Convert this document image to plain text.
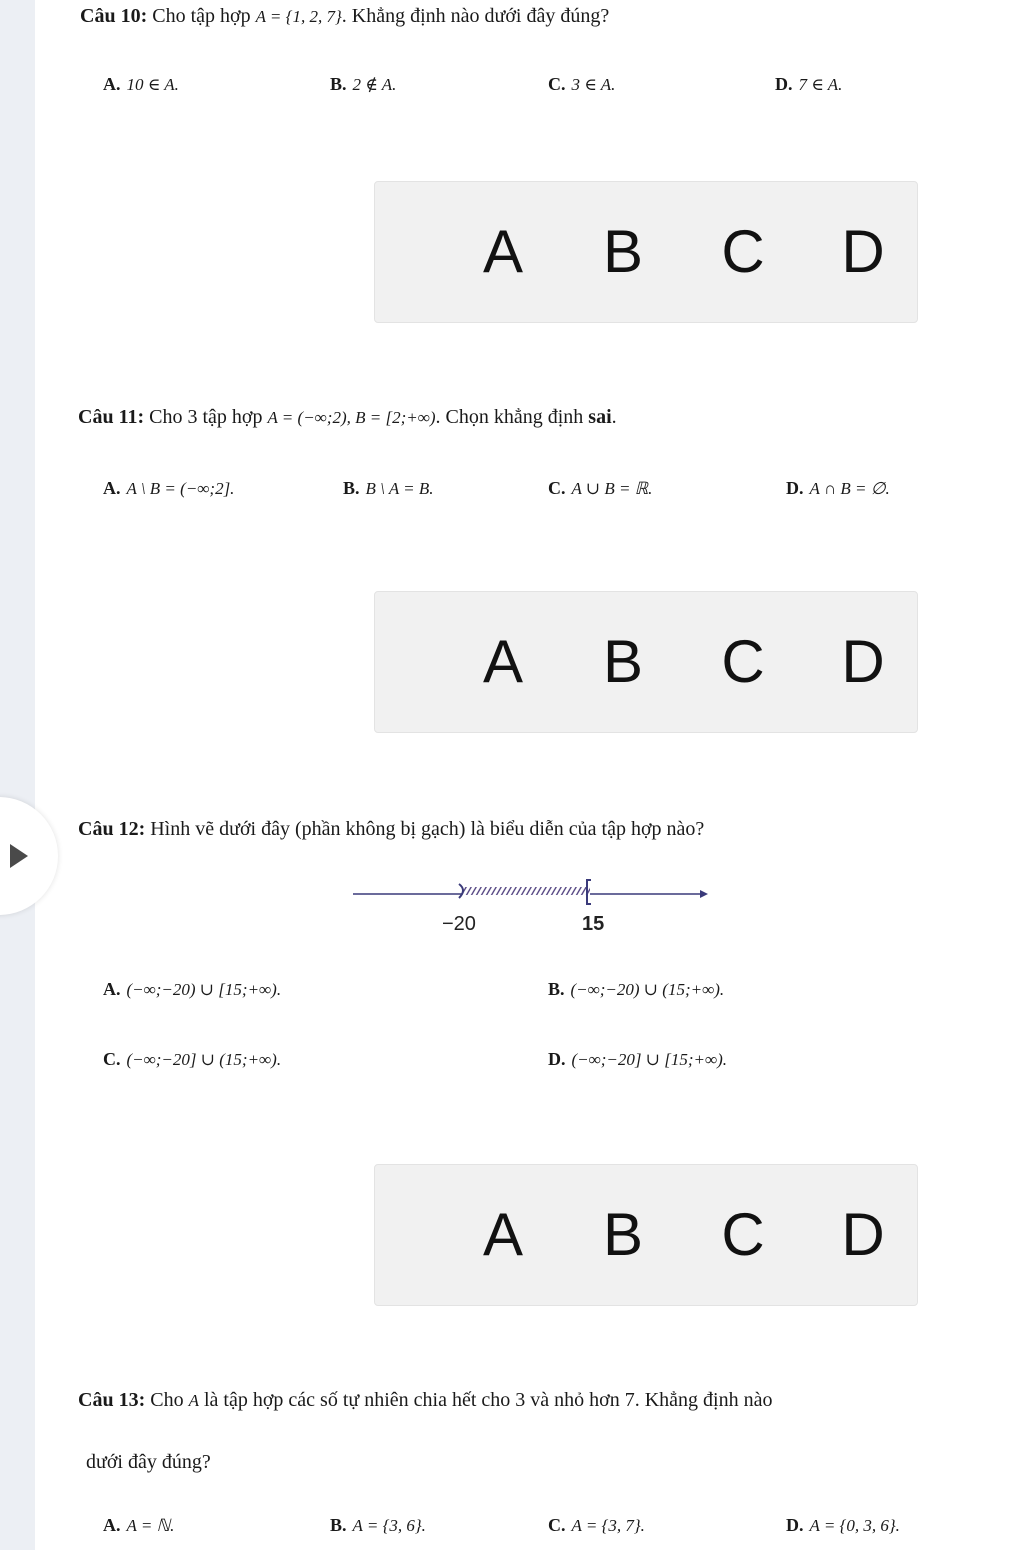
Câu 10: Cho tập hợp A = {1, 2, 7}. Khẳng định nào dưới đây đúng?
A. 10 ∈ A.	B. 2 ∉ A.	C. 3 ∈ A.	D. 7 ∈ A.
A B C D
Câu 11: Cho 3 tập hợp A = (−∞;2), B = [2;+∞). Chọn khẳng định sai.
A. A \ B = (−∞;2].	B. B \ A = B.	C. A ∪ B = ℝ.	D. A ∩ B = ∅.
A B C D
Câu 12: Hình vẽ dưới đây (phần không bị gạch) là biểu diễn của tập hợp nào?
−20	15
A. (−∞;−20) ∪ [15;+∞).	B. (−∞;−20) ∪ (15;+∞).
C. (−∞;−20] ∪ (15;+∞).	D. (−∞;−20] ∪ [15;+∞).
A B C D
Câu 13: Cho A là tập hợp các số tự nhiên chia hết cho 3 và nhỏ hơn 7. Khẳng định nào
dưới đây đúng?
A. A = ℕ.	B. A = {3, 6}.	C. A = {3, 7}.	D. A = {0, 3, 6}.
